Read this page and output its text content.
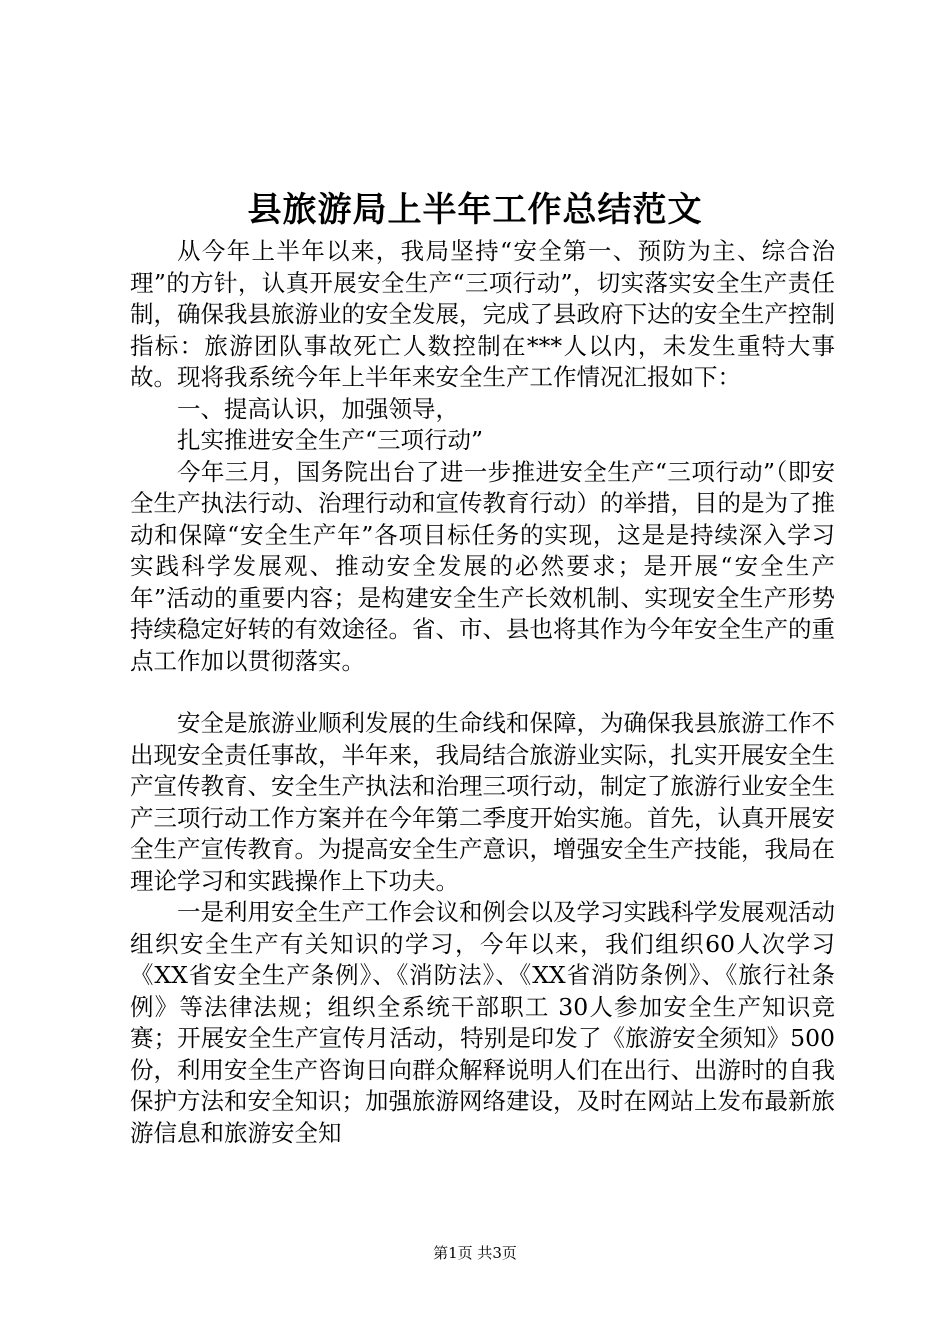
县旅游局上半年工作总结范文

从今年上半年以来，我局坚持“安全第一、预防为主、综合治理”的方针，认真开展安全生产“三项行动”，切实落实安全生产责任制，确保我县旅游业的安全发展，完成了县政府下达的安全生产控制指标：旅游团队事故死亡人数控制在***人以内，未发生重特大事故。现将我系统今年上半年来安全生产工作情况汇报如下：

一、提高认识，加强领导，

扎实推进安全生产“三项行动”

今年三月，国务院出台了进一步推进安全生产“三项行动”（即安全生产执法行动、治理行动和宣传教育行动）的举措，目的是为了推动和保障“安全生产年”各项目标任务的实现，这是是持续深入学习实践科学发展观、推动安全发展的必然要求；是开展“安全生产年”活动的重要内容；是构建安全生产长效机制、实现安全生产形势持续稳定好转的有效途径。省、市、县也将其作为今年安全生产的重点工作加以贯彻落实。

安全是旅游业顺利发展的生命线和保障，为确保我县旅游工作不出现安全责任事故，半年来，我局结合旅游业实际，扎实开展安全生产宣传教育、安全生产执法和治理三项行动，制定了旅游行业安全生产三项行动工作方案并在今年第二季度开始实施。首先，认真开展安全生产宣传教育。为提高安全生产意识，增强安全生产技能，我局在理论学习和实践操作上下功夫。

一是利用安全生产工作会议和例会以及学习实践科学发展观活动组织安全生产有关知识的学习，今年以来，我们组织60人次学习《XX省安全生产条例》、《消防法》、《XX省消防条例》、《旅行社条例》等法律法规；组织全系统干部职工 30人参加安全生产知识竞赛；开展安全生产宣传月活动，特别是印发了《旅游安全须知》500份，利用安全生产咨询日向群众解释说明人们在出行、出游时的自我保护方法和安全知识；加强旅游网络建设，及时在网站上发布最新旅游信息和旅游安全知

第1页 共3页
